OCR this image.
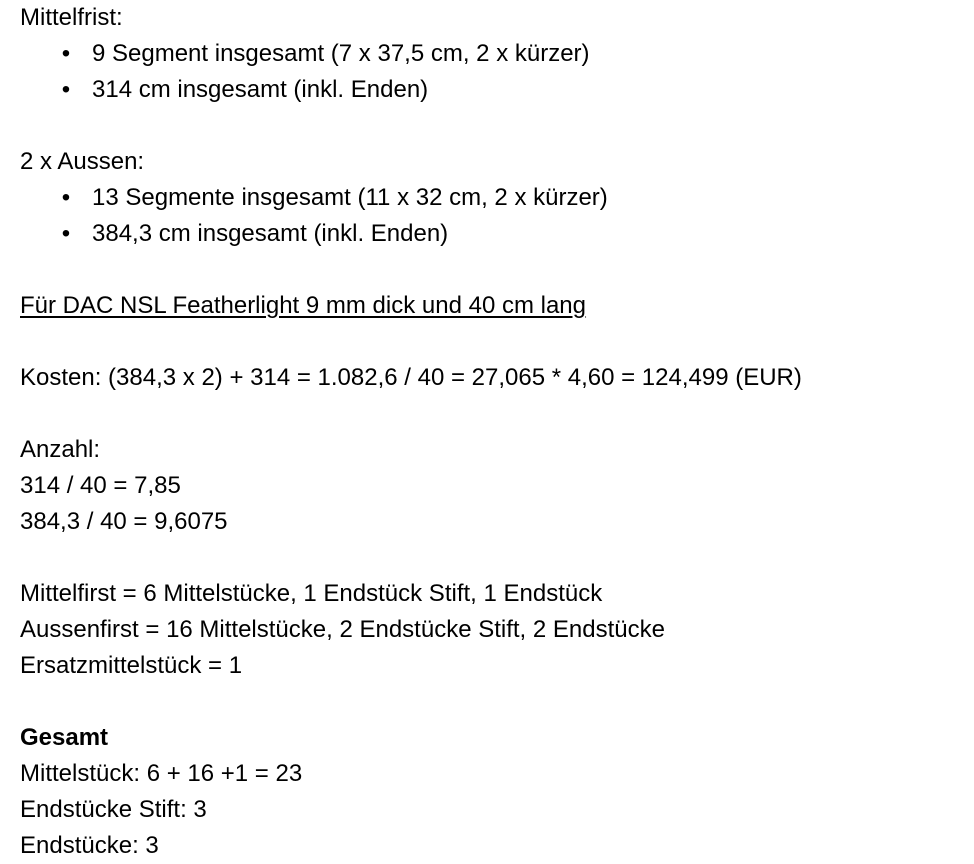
Mittelfrist:
• 9 Segment insgesamt (7 x 37,5 cm, 2 x kürzer)
• 314 cm insgesamt (inkl. Enden)
2 x Aussen:
• 13 Segmente insgesamt (11 x 32 cm, 2 x kürzer)
• 384,3 cm insgesamt (inkl. Enden)
Für DAC NSL Featherlight 9 mm dick und 40 cm lang
Kosten: (384,3 x 2) + 314 = 1.082,6 / 40 = 27,065 * 4,60 = 124,499 (EUR)
Anzahl:
314 / 40 = 7,85
384,3 / 40 = 9,6075
Mittelfirst = 6 Mittelstücke, 1 Endstück Stift, 1 Endstück
Aussenfirst = 16 Mittelstücke, 2 Endstücke Stift, 2 Endstücke
Ersatzmittelstück = 1
Gesamt
Mittelstück: 6 + 16 +1 = 23
Endstücke Stift: 3
Endstücke: 3
